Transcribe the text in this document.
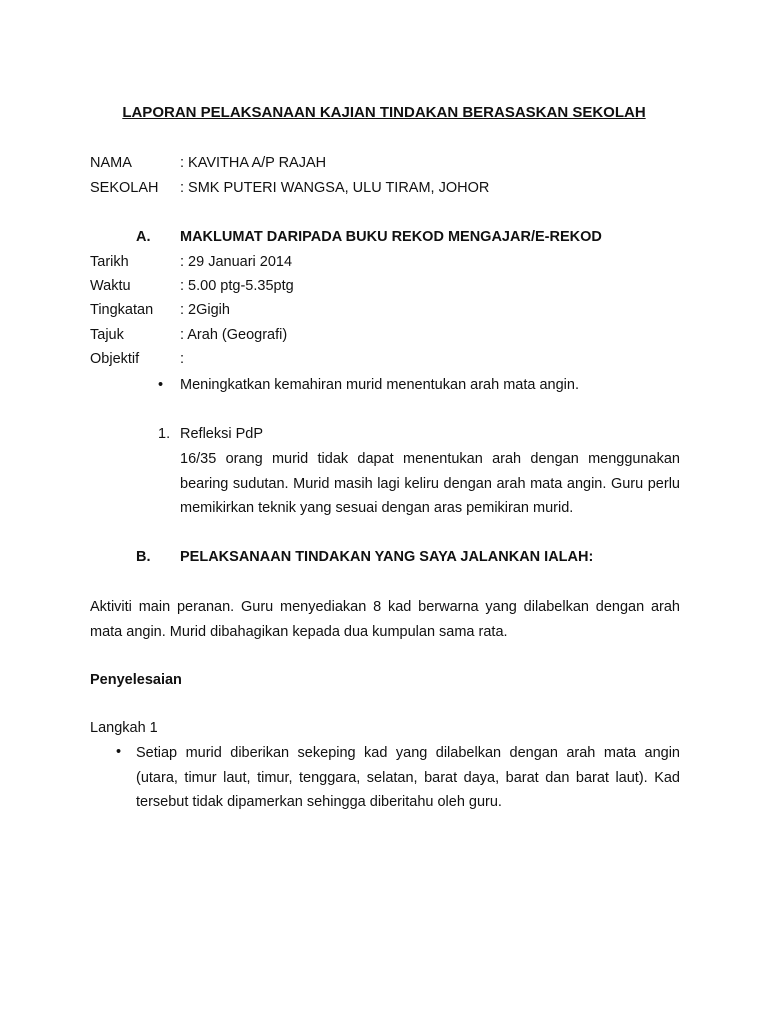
LAPORAN PELAKSANAAN KAJIAN TINDAKAN BERASASKAN SEKOLAH
NAMA	: KAVITHA A/P RAJAH
SEKOLAH : SMK PUTERI WANGSA, ULU TIRAM, JOHOR
A. MAKLUMAT DARIPADA BUKU REKOD MENGAJAR/E-REKOD
Tarikh	: 29 Januari 2014
Waktu	: 5.00 ptg-5.35ptg
Tingkatan : 2Gigih
Tajuk	: Arah (Geografi)
Objektif	:
• Meningkatkan kemahiran murid menentukan arah mata angin.
1. Refleksi PdP
16/35 orang murid tidak dapat menentukan arah dengan menggunakan bearing sudutan. Murid masih lagi keliru dengan arah mata angin. Guru perlu memikirkan teknik yang sesuai dengan aras pemikiran murid.
B. PELAKSANAAN TINDAKAN YANG SAYA JALANKAN IALAH:
Aktiviti main peranan. Guru menyediakan 8 kad berwarna yang dilabelkan dengan arah mata angin. Murid dibahagikan kepada dua kumpulan sama rata.
Penyelesaian
Langkah 1
• Setiap murid diberikan sekeping kad yang dilabelkan dengan arah mata angin (utara, timur laut, timur, tenggara, selatan, barat daya, barat dan barat laut). Kad tersebut tidak dipamerkan sehingga diberitahu oleh guru.
